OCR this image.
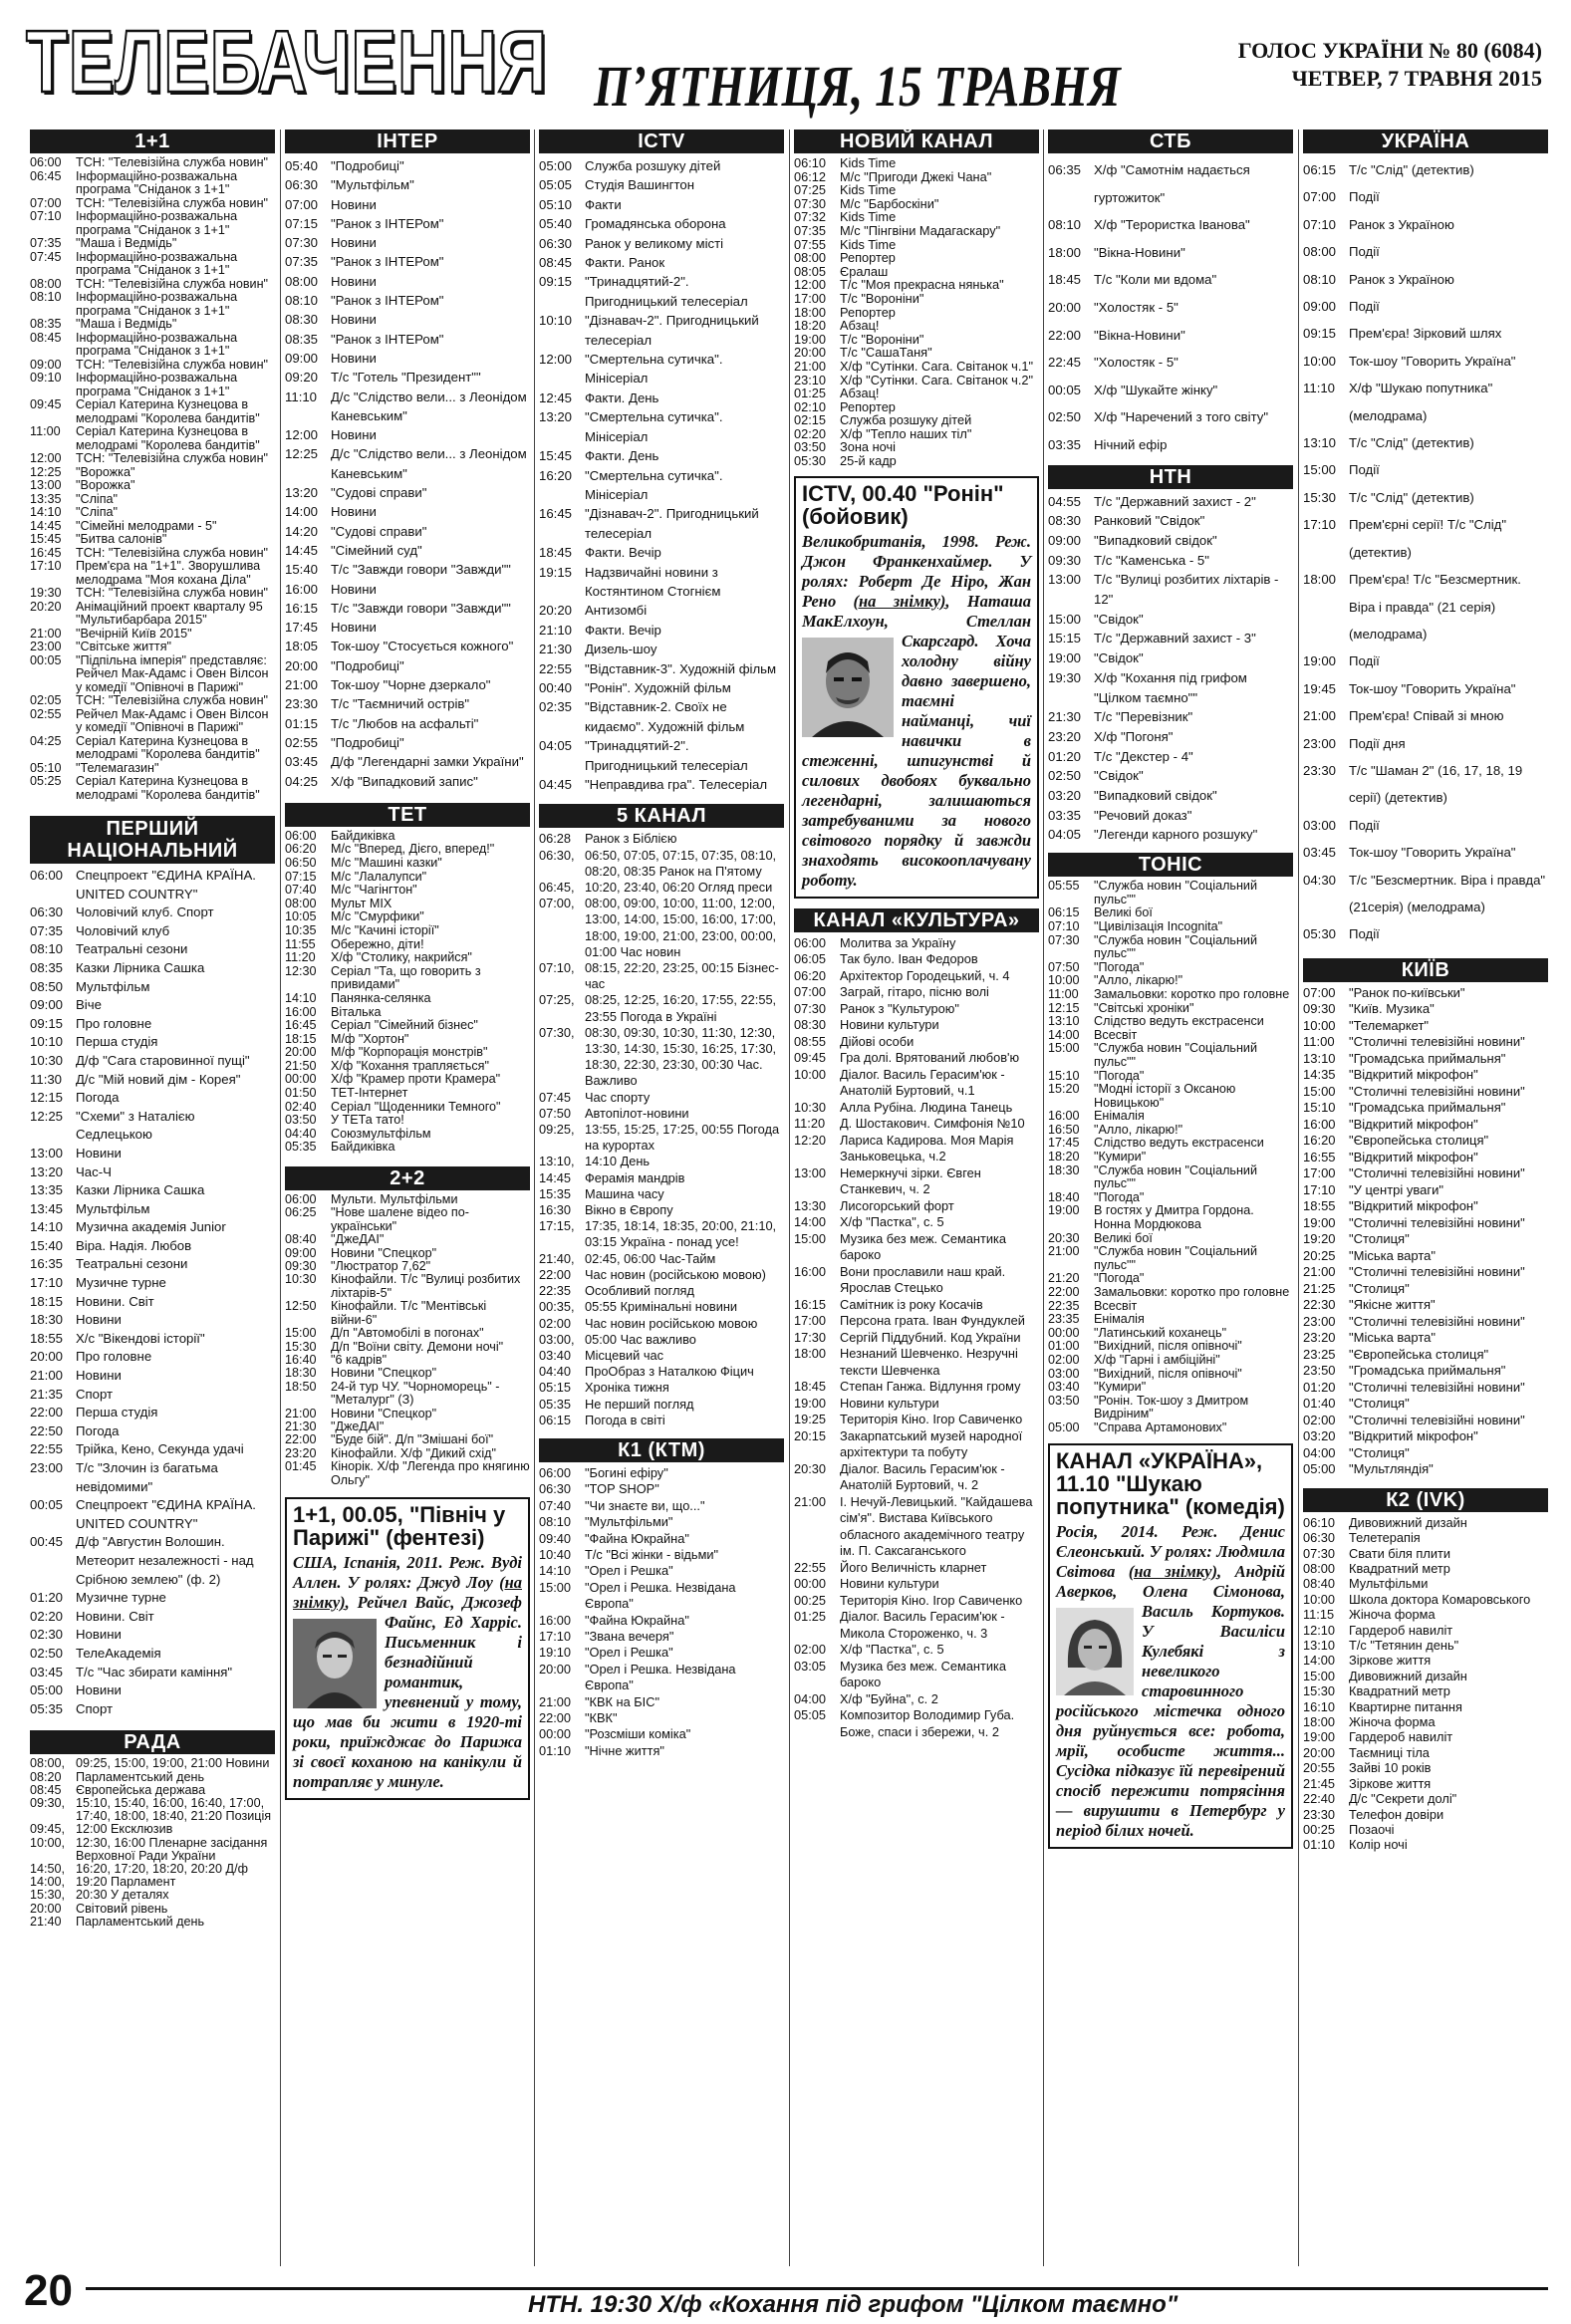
ТЕЛЕБАЧЕННЯ П’ЯТНИЦЯ, 15 ТРАВНЯ
ГОЛОС УКРАЇНИ № 80 (6084)
ЧЕТВЕР, 7 ТРАВНЯ 2015
1+1
06:00	ТСН: "Телевізійна служба новин"
06:45	Інформаційно-розважальна програма "Сніданок з 1+1"
07:00	ТСН: "Телевізійна служба новин"
07:10	Інформаційно-розважальна програма "Сніданок з 1+1"
07:35	"Маша і Ведмідь"
07:45	Інформаційно-розважальна програма "Сніданок з 1+1"
08:00	ТСН: "Телевізійна служба новин"
08:10	Інформаційно-розважальна програма "Сніданок з 1+1"
08:35	"Маша і Ведмідь"
08:45	Інформаційно-розважальна програма "Сніданок з 1+1"
09:00	ТСН: "Телевізійна служба новин"
09:10	Інформаційно-розважальна програма "Сніданок з 1+1"
09:45	Серіал Катерина Кузнецова в мелодрамі "Королева бандитів"
11:00	Серіал Катерина Кузнецова в мелодрамі "Королева бандитів"
12:00	ТСН: "Телевізійна служба новин"
12:25	"Ворожка"
13:00	"Ворожка"
13:35	"Сліпа"
14:10	"Сліпа"
14:45	"Сімейні мелодрами - 5"
15:45	"Битва салонів"
16:45	ТСН: "Телевізійна служба новин"
17:10	Прем'єра на "1+1". Зворушлива мелодрама "Моя кохана Діла"
19:30	ТСН: "Телевізійна служба новин"
20:20	Анімаційний проект кварталу 95 "Мультибарбара 2015"
21:00	"Вечірній Київ 2015"
23:00	"Світське життя"
00:05	"Підпільна імперія" представляє: Рейчел Мак-Адамс і Овен Вілсон у комедії "Опівночі в Парижі"
02:05	ТСН: "Телевізійна служба новин"
02:55	Рейчел Мак-Адамс і Овен Вілсон у комедії "Опівночі в Парижі"
04:25	Серіал Катерина Кузнецова в мелодрамі "Королева бандитів"
05:10	"Телемагазин"
05:25	Серіал Катерина Кузнецова в мелодрамі "Королева бандитів"
ПЕРШИЙ НАЦІОНАЛЬНИЙ
06:00 Спецпроект "ЄДИНА КРАЇНА. UNITED COUNTRY"
06:30 Чоловічий клуб. Спорт
07:35 Чоловічий клуб
08:10 Театральні сезони
08:35 Казки Лірника Сашка
08:50 Мультфільм
09:00 Віче
09:15 Про головне
10:10 Перша студія
10:30 Д/ф "Сага старовинної пущі"
11:30	Д/с "Мій новий дім - Корея"
12:15 Погода
12:25 "Схеми" з Наталією Седлецькою
13:00 Новини
13:20 Час-Ч
13:35 Казки Лірника Сашка
13:45 Мультфільм
14:10 Музична академія Junior
15:40 Віра. Надія. Любов
16:35 Театральні сезони
17:10 Музичне турне
18:15 Новини. Світ
18:30 Новини
18:55 Х/с "Вікендові історії"
20:00 Про головне
21:00 Новини
21:35 Спорт
22:00 Перша студія
22:50 Погода
22:55 Трійка, Кено, Секунда удачі
23:00 Т/с "Злочин із багатьма невідомими"
00:05 Спецпроект "ЄДИНА КРАЇНА. UNITED COUNTRY"
00:45 Д/ф "Августин Волошин. Метеорит незалежності - над Срібною землею" (ф. 2)
01:20 Музичне турне
02:20 Новини. Світ
02:30 Новини
02:50 ТелеАкадемія
03:45 Т/с "Час збирати каміння"
05:00 Новини
05:35 Спорт
РАДА
08:00, 09:25, 15:00, 19:00, 21:00 Новини
08:20	Парламентський день
08:45	Європейська держава
09:30, 15:10, 15:40, 16:00, 16:40, 17:00, 17:40, 18:00, 18:40, 21:20 Позиція
09:45, 12:00 Ексклюзив
10:00, 12:30, 16:00 Пленарне засідання Верховної Ради України
14:50, 16:20, 17:20, 18:20, 20:20 Д/ф
14:00, 19:20 Парламент
15:30, 20:30 У деталях
20:00	Світовий рівень
21:40	Парламентський день
ІНТЕР
05:40 "Подробиці"
06:30 "Мультфільм"
07:00 Новини
07:15 "Ранок з ІНТЕРом"
07:30 Новини
07:35 "Ранок з ІНТЕРом"
08:00 Новини
08:10 "Ранок з ІНТЕРом"
08:30 Новини
08:35 "Ранок з ІНТЕРом"
09:00 Новини
09:20 Т/с "Готель "Президент""
11:10	Д/с "Слідство вели... з Леонідом Каневським"
12:00 Новини
12:25 Д/с "Слідство вели... з Леонідом Каневським"
13:20 "Судові справи"
14:00 Новини
14:20 "Судові справи"
14:45 "Сімейний суд"
15:40 Т/с "Завжди говори "Завжди""
16:00 Новини
16:15 Т/с "Завжди говори "Завжди""
17:45 Новини
18:05 Ток-шоу "Стосується кожного"
20:00 "Подробиці"
21:00 Ток-шоу "Чорне дзеркало"
23:30 Т/с "Таємничий острів"
01:15 Т/с "Любов на асфальті"
02:55 "Подробиці"
03:45 Д/ф "Легендарні замки України"
04:25 Х/ф "Випадковий запис"
ТЕТ
06:00	Байдиківка
06:20	М/с "Вперед, Дієго, вперед!"
06:50	М/с "Машині казки"
07:15	М/с "Лалалупси"
07:40	М/с "Чагінгтон"
08:00	Мульт MIX
10:05	М/с "Смурфики"
10:35	М/с "Качині історії"
11:55	Обережно, діти!
11:20	Х/ф "Столику, накрийся"
12:30	Серіал "Та, що говорить з привидами"
14:10	Панянка-селянка
16:00	Віталька
16:45	Серіал "Сімейний бізнес"
18:15	М/ф "Хортон"
20:00	М/ф "Корпорація монстрів"
21:50	Х/ф "Кохання трапляється"
00:00	Х/ф "Крамер проти Крамера"
01:50	ТЕТ-Інтернет
02:40	Серіал "Щоденники Темного"
03:50	У ТЕТа тато!
04:40	Союзмультфільм
05:35	Байдиківка
2+2
06:00	Мульти. Мультфільми
06:25	"Нове шалене відео по-українськи"
08:40	"ДжеДАІ"
09:00	Новини "Спецкор"
09:30	"Люстратор 7,62"
10:30	Кінофайли. Т/с "Вулиці розбитих ліхтарів-5"
12:50	Кінофайли. Т/с "Ментівські війни-6"
15:00	Д/п "Автомобілі в погонах"
15:30	Д/п "Воїни світу. Демони ночі"
16:40	"6 кадрів"
18:30	Новини "Спецкор"
18:50	24-й тур ЧУ. "Чорноморець" - "Металург" (З)
21:00	Новини "Спецкор"
21:30	"ДжеДАІ"
22:00	"Буде бій". Д/п "Змішані бої"
23:20	Кінофайли. Х/ф "Дикий схід"
01:45	Кінорік. Х/ф "Легенда про княгиню Ольгу"
1+1, 00.05, "Північ у Парижі" (фентезі)
США, Іспанія, 2011. Реж. Вуді Аллен. У ролях: Джуд Лоу (на знімку), Рейчел Вайс, Джозеф Файнс, Ед Харріс.
Письменник і безнадійний романтик, упевнений у тому, що мав би жити в 1920-ті роки, приїжджає до Парижа зі своєї коханою на канікули й потрапляє у минуле.
ICTV
05:00 Служба розшуку дітей
05:05 Студія Вашингтон
05:10 Факти
05:40 Громадянська оборона
06:30 Ранок у великому місті
08:45 Факти. Ранок
09:15 "Тринадцятий-2". Пригодницький телесеріал
10:10 "Дізнавач-2". Пригодницький телесеріал
12:00 "Смертельна сутичка". Мінісеріал
12:45 Факти. День
13:20 "Смертельна сутичка". Мінісеріал
15:45 Факти. День
16:20 "Смертельна сутичка". Мінісеріал
16:45 "Дізнавач-2". Пригодницький телесеріал
18:45 Факти. Вечір
19:15 Надзвичайні новини з Костянтином Стогнієм
20:20 Антизомбі
21:10 Факти. Вечір
21:30 Дизель-шоу
22:55 "Відставник-3". Художній фільм
00:40 "Ронін". Художній фільм
02:35 "Відставник-2. Своїх не кидаємо". Художній фільм
04:05 "Тринадцятий-2". Пригодницький телесеріал
04:45 "Неправдива гра". Телесеріал
5 КАНАЛ
06:28	Ранок з Біблією
06:30, 06:50, 07:05, 07:15, 07:35, 08:10, 08:20, 08:35 Ранок на П'ятому
06:45, 10:20, 23:40, 06:20 Огляд преси
07:00, 08:00, 09:00, 10:00, 11:00, 12:00, 13:00, 14:00, 15:00, 16:00, 17:00, 18:00, 19:00, 21:00, 23:00, 00:00, 01:00 Час новин
07:10, 08:15, 22:20, 23:25, 00:15 Бізнес-час
07:25, 08:25, 12:25, 16:20, 17:55, 22:55, 23:55 Погода в Україні
07:30, 08:30, 09:30, 10:30, 11:30, 12:30, 13:30, 14:30, 15:30, 16:25, 17:30, 18:30, 22:30, 23:30, 00:30 Час. Важливо
07:45	Час спорту
07:50	Автопілот-новини
09:25, 13:55, 15:25, 17:25, 00:55 Погода на курортах
13:10, 14:10 День
14:45	Ферамія мандрів
15:35	Машина часу
16:30	Вікно в Європу
17:15, 17:35, 18:14, 18:35, 20:00, 21:10, 03:15 Україна - понад усе!
21:40, 02:45, 06:00 Час-Тайм
22:00	Час новин (російською мовою)
22:35	Особливий погляд
00:35, 05:55 Кримінальні новини
02:00	Час новин російською мовою
03:00, 05:00 Час важливо
03:40	Місцевий час
04:40	ПроОбраз з Наталкою Фіцич
05:15	Хроніка тижня
05:35	Не перший погляд
06:15	Погода в світі
К1 (КТМ)
06:00	"Богині ефіру"
06:30	"TOP SHOP"
07:40	"Чи знаєте ви, що..."
08:10	"Мультфільми"
09:40	"Файна Юкрайна"
10:40	Т/с "Всі жінки - відьми"
14:10	"Орел і Решка"
15:00	"Орел і Решка. Незвідана Європа"
16:00	"Файна Юкрайна"
17:10	"Звана вечеря"
19:10	"Орел і Решка"
20:00	"Орел і Решка. Незвідана Європа"
21:00	"КВК на БІС"
22:00	"КВК"
00:00	"Розсміши коміка"
01:10	"Нічне життя"
НОВИЙ КАНАЛ
06:10	Kids Time
06:12	М/с "Пригоди Джекі Чана"
07:25	Kids Time
07:30	М/с "Барбоскіни"
07:32	Kids Time
07:35	М/с "Пінгвіни Мадагаскару"
07:55	Kids Time
08:00	Репортер
08:05	Єралаш
12:00	Т/с "Моя прекрасна нянька"
17:00	Т/с "Вороніни"
18:00	Репортер
18:20	Абзац!
19:00	Т/с "Вороніни"
20:00	Т/с "СашаТаня"
21:00	Х/ф "Сутінки. Сага. Світанок ч.1"
23:10	Х/ф "Сутінки. Сага. Світанок ч.2"
01:25	Абзац!
02:10	Репортер
02:15	Служба розшуку дітей
02:20	Х/ф "Тепло наших тіл"
03:50	Зона ночі
05:30	25-й кадр
ICTV, 00.40 "Ронін" (бойовик)
Великобританія, 1998. Реж. Джон Франкенхаймер. У ролях: Роберт Де Ніро, Жан Рено (на знімку), Наташа МакЕлхоун, Стеллан Скарсгард. Хоча холодну війну давно завершено, таємні найманці, чиї навички в стеженні, шпигунстві й силових двобоях буквально легендарні, залишаються затребуваними за нового світового порядку й завжди знаходять високооплачувану роботу.
КАНАЛ «КУЛЬТУРА»
06:00	Молитва за Україну
06:05	Так було. Іван Федоров
06:20	Архітектор Городецький, ч. 4
07:00	Заграй, гітаро, пісню волі
07:30	Ранок з "Культурою"
08:30	Новини культури
08:55	Дійові особи
09:45	Гра долі. Врятований любов'ю
10:00	Діалог. Василь Герасим'юк - Анатолій Буртовий, ч.1
10:30	Алла Рубіна. Людина Танець
11:20	Д. Шостакович. Симфонія №10
12:20	Лариса Кадирова. Моя Марія Заньковецька, ч.2
13:00	Немеркнучі зірки. Євген Станкевич, ч. 2
13:30	Лисогорський форт
14:00	Х/ф "Пастка", с. 5
15:00	Музика без меж. Семантика бароко
16:00	Вони прославили наш край. Ярослав Стецько
16:15	Самітник із року Косачів
17:00	Персона грата. Іван Фундуклей
17:30	Сергій Піддубний. Код України
18:00	Незнаний Шевченко. Незручні тексти Шевченка
18:45	Степан Ганжа. Відлуння грому
19:00	Новини культури
19:25	Територія Кіно. Ігор Савиченко
20:15	Закарпатський музей народної архітектури та побуту
20:30	Діалог. Василь Герасим'юк - Анатолій Буртовий, ч. 2
21:00	І. Нечуй-Левицький. "Кайдашева сім'я". Вистава Київського обласного академічного театру ім. П. Саксаганського
22:55	Його Величність кларнет
00:00	Новини культури
00:25	Територія Кіно. Ігор Савиченко
01:25	Діалог. Василь Герасим'юк - Микола Стороженко, ч. 3
02:00	Х/ф "Пастка", с. 5
03:05	Музика без меж. Семантика бароко
04:00	Х/ф "Буйна", с. 2
05:05	Композитор Володимир Губа. Боже, спаси і збережи, ч. 2
СТБ
06:35 Х/ф "Самотнім надається гуртожиток"
08:10 Х/ф "Терористка Іванова"
18:00 "Вікна-Новини"
18:45 Т/с "Коли ми вдома"
20:00 "Холостяк - 5"
22:00 "Вікна-Новини"
22:45 "Холостяк - 5"
00:05 Х/ф "Шукайте жінку"
02:50 Х/ф "Наречений з того світу"
03:35 Нічний ефір
НТН
04:55 Т/с "Державний захист - 2"
08:30 Ранковий "Свідок"
09:00 "Випадковий свідок"
09:30 Т/с "Каменська - 5"
13:00 Т/с "Вулиці розбитих ліхтарів - 12"
15:00 "Свідок"
15:15 Т/с "Державний захист - 3"
19:00 "Свідок"
19:30 Х/ф "Кохання під грифом "Цілком таємно""
21:30 Т/с "Перевізник"
23:20 Х/ф "Погоня"
01:20 Т/с "Декстер - 4"
02:50 "Свідок"
03:20 "Випадковий свідок"
03:35 "Речовий доказ"
04:05 "Легенди карного розшуку"
ТОНІС
05:55	"Служба новин "Соціальний пульс""
06:15	Великі бої
07:10	"Цивілізація Incognita"
07:30	"Служба новин "Соціальний пульс""
07:50	"Погода"
10:00	"Алло, лікарю!"
11:00	Замальовки: коротко про головне
12:15	"Світські хроніки"
13:10	Слідство ведуть екстрасенси
14:00	Всесвіт
15:00	"Служба новин "Соціальний пульс""
15:10	"Погода"
15:20	"Модні історії з Оксаною Новицькою"
16:00	Енімалія
16:50	"Алло, лікарю!"
17:45	Слідство ведуть екстрасенси
18:20	"Кумири"
18:30	"Служба новин "Соціальний пульс""
18:40	"Погода"
19:00	В гостях у Дмитра Гордона. Нонна Мордюкова
20:30	Великі бої
21:00	"Служба новин "Соціальний пульс""
21:20	"Погода"
22:00	Замальовки: коротко про головне
22:35	Всесвіт
23:35	Енімалія
00:00	"Латинський коханець"
01:00	"Вихідний, після опівночі"
02:00	Х/ф "Гарні і амбіційні"
03:00	"Вихідний, після опівночі"
03:40	"Кумири"
03:50	"Ронін. Ток-шоу з Дмитром Видріним"
05:00	"Справа Артамонових"
КАНАЛ «УКРАЇНА», 11.10 "Шукаю попутника" (комедія)
Росія, 2014. Реж. Денис Єлеонський. У ролях: Людмила Світова (на знімку), Андрій Аверков, Олена Сімонова, Василь Кортуков.
У Василіси Кулебякі з невеликого старовинного російського містечка одного дня руйнується все: робота, мрії, особисте життя... Сусідка підказує їй перевірений спосіб пережити потрясіння — вирушити в Петербург у період білих ночей.
УКРАЇНА
06:15 Т/с "Слід" (детектив)
07:00 Події
07:10 Ранок з Україною
08:00 Події
08:10 Ранок з Україною
09:00 Події
09:15 Прем'єра! Зірковий шлях
10:00 Ток-шоу "Говорить Україна"
11:10	Х/ф "Шукаю попутника" (мелодрама)
13:10 Т/с "Слід" (детектив)
15:00 Події
15:30 Т/с "Слід" (детектив)
17:10 Прем'єрні серії! Т/с "Слід" (детектив)
18:00 Прем'єра! Т/с "Безсмертник. Віра і правда" (21 серія) (мелодрама)
19:00 Події
19:45 Ток-шоу "Говорить Україна"
21:00 Прем'єра! Співай зі мною
23:00 Події дня
23:30 Т/с "Шаман 2" (16, 17, 18, 19 серії) (детектив)
03:00 Події
03:45 Ток-шоу "Говорить Україна"
04:30 Т/с "Безсмертник. Віра і правда" (21серія) (мелодрама)
05:30 Події
КИЇВ
07:00	"Ранок по-київськи"
09:30	"Київ. Музика"
10:00	"Телемаркет"
11:00	"Столичні телевізійні новини"
13:10	"Громадська приймальня"
14:35	"Відкритий мікрофон"
15:00	"Столичні телевізійні новини"
15:10	"Громадська приймальня"
16:00	"Відкритий мікрофон"
16:20	"Європейська столиця"
16:55	"Відкритий мікрофон"
17:00	"Столичні телевізійні новини"
17:10	"У центрі уваги"
18:55	"Відкритий мікрофон"
19:00	"Столичні телевізійні новини"
19:20	"Столиця"
20:25	"Міська варта"
21:00	"Столичні телевізійні новини"
21:25	"Столиця"
22:30	"Якісне життя"
23:00	"Столичні телевізійні новини"
23:20	"Міська варта"
23:25	"Європейська столиця"
23:50	"Громадська приймальня"
01:20	"Столичні телевізійні новини"
01:40	"Столиця"
02:00	"Столичні телевізійні новини"
03:20	"Відкритий мікрофон"
04:00	"Столиця"
05:00	"Мультляндія"
К2 (IVK)
06:10	Дивовижний дизайн
06:30	Телетерапія
07:30	Свати біля плити
08:00	Квадратний метр
08:40	Мультфільми
10:00	Школа доктора Комаровського
11:15	Жіноча форма
12:10	Гардероб навиліт
13:10	Т/с "Тетянин день"
14:00	Зіркове життя
15:00	Дивовижний дизайн
15:30	Квадратний метр
16:10	Квартирне питання
18:00	Жіноча форма
19:00	Гардероб навиліт
20:00	Таємниці тіла
20:55	Зайві 10 років
21:45	Зіркове життя
22:40	Д/с "Секрети долі"
23:30	Телефон довіри
00:25	Позаочі
01:10	Колір ночі
20	НТН. 19:30 Х/ф «Кохання під грифом "Цілком таємно"
